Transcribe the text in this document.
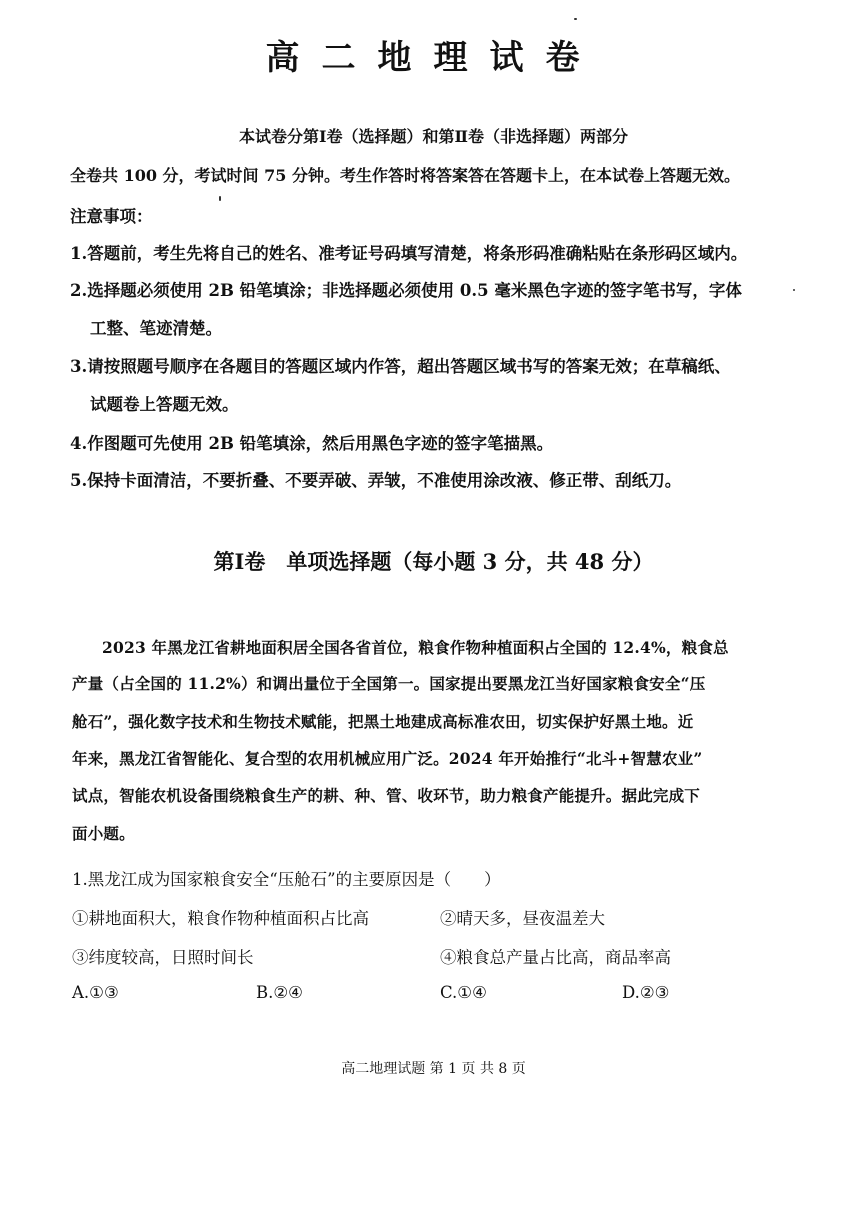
高二地理试卷
本试卷分第Ⅰ卷（选择题）和第Ⅱ卷（非选择题）两部分
全卷共 100 分，考试时间 75 分钟。考生作答时将答案答在答题卡上，在本试卷上答题无效。
注意事项：
1.答题前，考生先将自己的姓名、准考证号码填写清楚，将条形码准确粘贴在条形码区域内。
2.选择题必须使用 2B 铅笔填涂；非选择题必须使用 0.5 毫米黑色字迹的签字笔书写，字体
工整、笔迹清楚。
3.请按照题号顺序在各题目的答题区域内作答，超出答题区域书写的答案无效；在草稿纸、
试题卷上答题无效。
4.作图题可先使用 2B 铅笔填涂，然后用黑色字迹的签字笔描黑。
5.保持卡面清洁，不要折叠、不要弄破、弄皱，不准使用涂改液、修正带、刮纸刀。
第Ⅰ卷　单项选择题（每小题 3 分，共 48 分）
2023 年黑龙江省耕地面积居全国各省首位，粮食作物种植面积占全国的 12.4%，粮食总
产量（占全国的 11.2%）和调出量位于全国第一。国家提出要黑龙江当好国家粮食安全“压
舱石”，强化数字技术和生物技术赋能，把黑土地建成高标准农田，切实保护好黑土地。近
年来，黑龙江省智能化、复合型的农用机械应用广泛。2024 年开始推行“北斗+智慧农业”
试点，智能农机设备围绕粮食生产的耕、种、管、收环节，助力粮食产能提升。据此完成下
面小题。
1.黑龙江成为国家粮食安全“压舱石”的主要原因是（　　）
①耕地面积大，粮食作物种植面积占比高	②晴天多，昼夜温差大
③纬度较高，日照时间长	④粮食总产量占比高，商品率高
A.①③	B.②④	C.①④	D.②③
高二地理试题 第 1 页 共 8 页
